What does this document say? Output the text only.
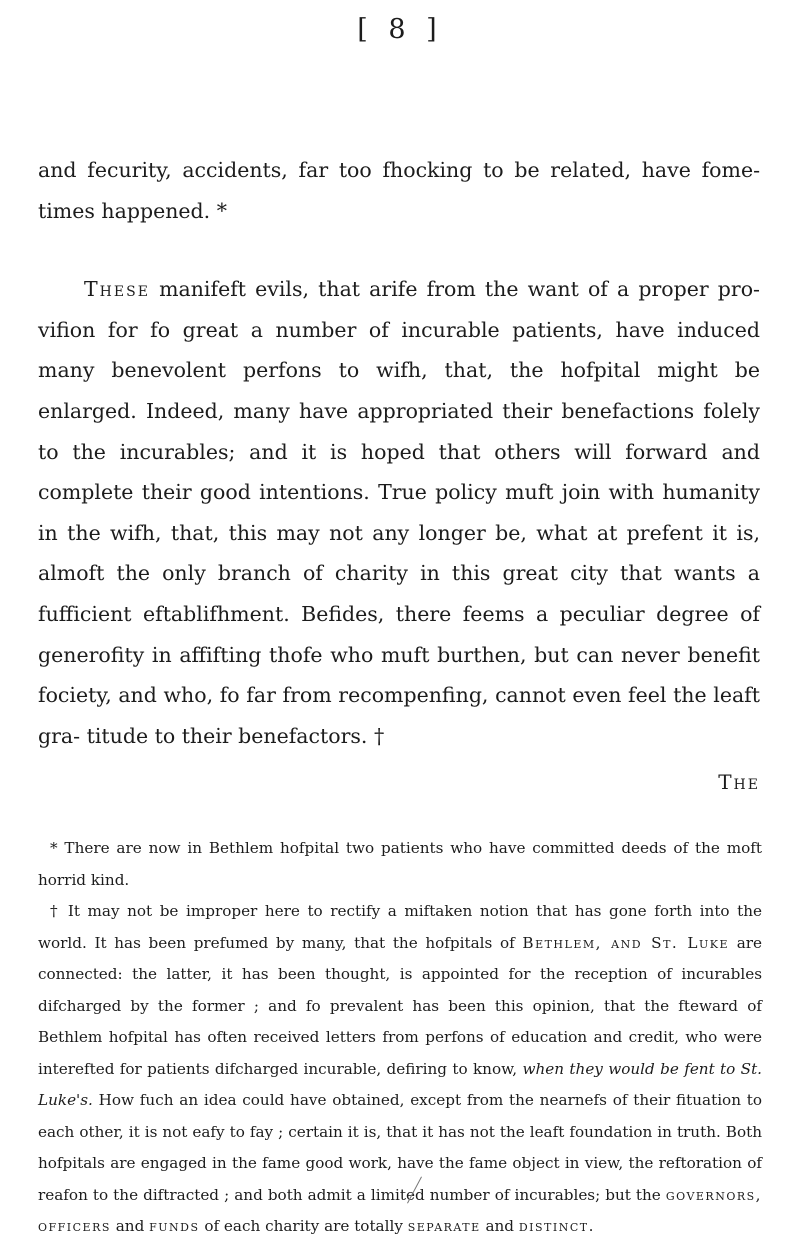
[ 8 ]

and fecurity, accidents, far too fhocking to be related, have fome- times happened. *

These manifeft evils, that arife from the want of a proper pro- vifion for fo great a number of incurable patients, have induced many benevolent perfons to wifh, that, the hofpital might be enlarged. Indeed, many have appropriated their benefactions folely to the incurables; and it is hoped that others will forward and complete their good intentions. True policy muft join with humanity in the wifh, that, this may not any longer be, what at prefent it is, almoft the only branch of charity in this great city that wants a fufficient eftablifhment. Befides, there feems a peculiar degree of generofity in affifting thofe who muft burthen, but can never benefit fociety, and who, fo far from recompenfing, cannot even feel the leaft gra- titude to their benefactors. †

The

* There are now in Bethlem hofpital two patients who have committed deeds of the moft horrid kind.

† It may not be improper here to rectify a miftaken notion that has gone forth into the world. It has been prefumed by many, that the hofpitals of Bethlem, and St. Luke are connected: the latter, it has been thought, is appointed for the reception of incurables difcharged by the former ; and fo prevalent has been this opinion, that the fteward of Bethlem hofpital has often received letters from perfons of education and credit, who were interefted for patients difcharged incurable, defiring to know, when they would be fent to St. Luke's. How fuch an idea could have obtained, except from the nearnefs of their fituation to each other, it is not eafy to fay ; certain it is, that it has not the leaft foundation in truth. Both hofpitals are engaged in the fame good work, have the fame object in view, the reftoration of reafon to the diftracted ; and both admit a limited number of incurables; but the governors, officers and funds of each charity are totally separate and distinct.
